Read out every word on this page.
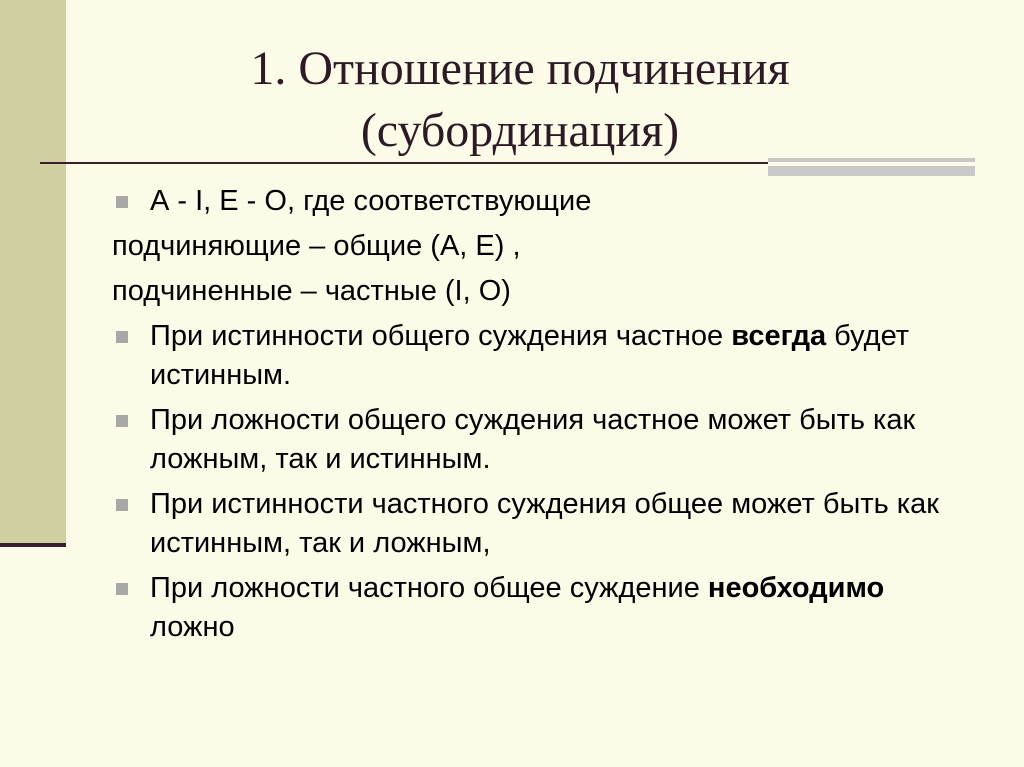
1. Отношение подчинения
(субординация)
А - I, Е - О, где соответствующие
подчиняющие – общие (А, Е) ,
подчиненные – частные (I, О)
При истинности общего суждения частное всегда будет истинным.
При ложности общего суждения частное может быть как ложным, так и истинным.
При истинности частного суждения общее может быть как истинным, так и ложным,
При ложности частного общее суждение необходимо ложно
